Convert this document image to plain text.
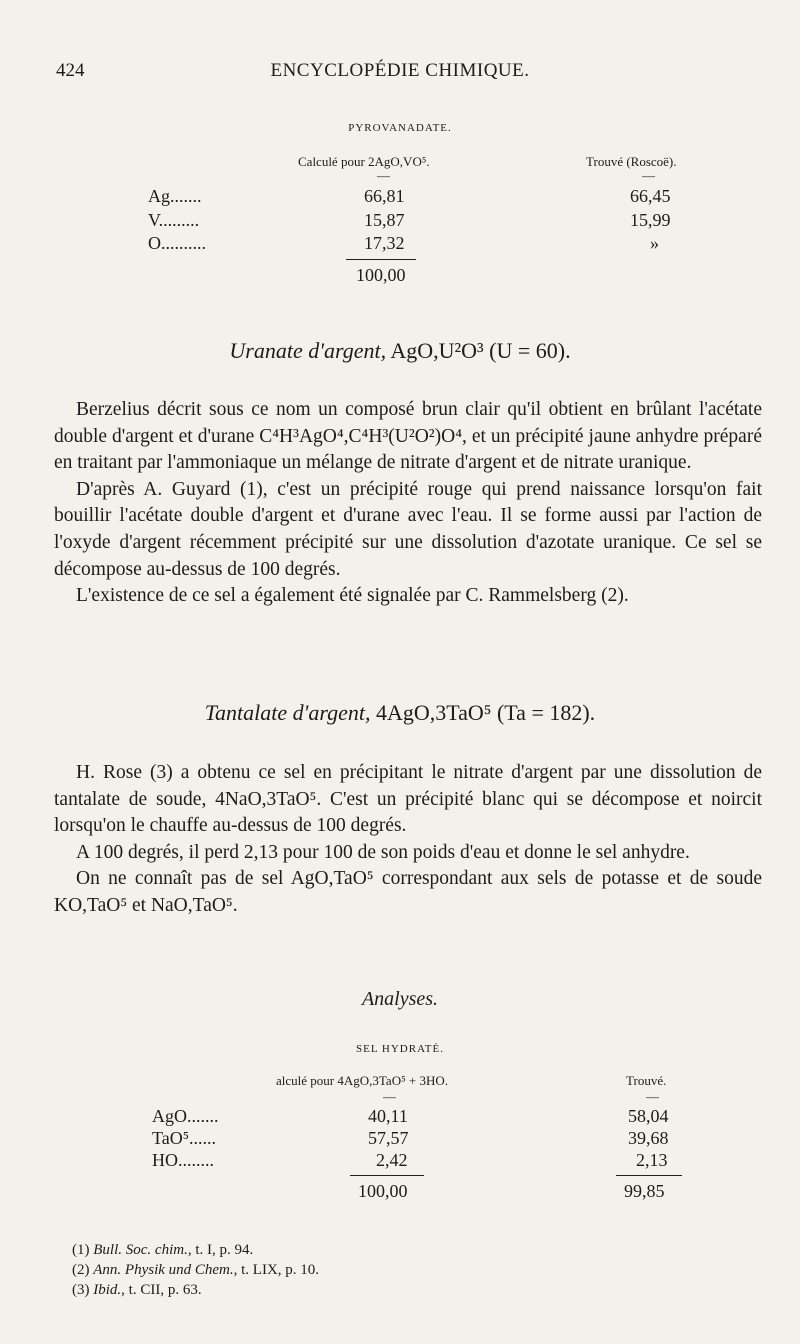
424	ENCYCLOPÉDIE CHIMIQUE.
PYROVANADATE.
Calculé pour 2AgO,VO⁵.	Trouvé (Roscoë).
—	—
Ag.......	66,81	66,45
V.........	15,87	15,99
O..........	17,32	»
100,00
Uranate d'argent, AgO,U²O³ (U = 60).

Berzelius décrit sous ce nom un composé brun clair qu'il obtient en brûlant l'acétate double d'argent et d'urane C⁴H³AgO⁴,C⁴H³(U²O²)O⁴, et un précipité jaune anhydre préparé en traitant par l'ammoniaque un mélange de nitrate d'argent et de nitrate uranique.

D'après A. Guyard (1), c'est un précipité rouge qui prend naissance lorsqu'on fait bouillir l'acétate double d'argent et d'urane avec l'eau. Il se forme aussi par l'action de l'oxyde d'argent récemment précipité sur une dissolution d'azotate uranique. Ce sel se décompose au-dessus de 100 degrés.

L'existence de ce sel a également été signalée par C. Rammelsberg (2).

Tantalate d'argent, 4AgO,3TaO⁵ (Ta = 182).

H. Rose (3) a obtenu ce sel en précipitant le nitrate d'argent par une dissolution de tantalate de soude, 4NaO,3TaO⁵. C'est un précipité blanc qui se décompose et noircit lorsqu'on le chauffe au-dessus de 100 degrés.

A 100 degrés, il perd 2,13 pour 100 de son poids d'eau et donne le sel anhydre.

On ne connaît pas de sel AgO,TaO⁵ correspondant aux sels de potasse et de soude KO,TaO⁵ et NaO,TaO⁵.

Analyses.
SEL HYDRATÉ.
alculé pour 4AgO,3TaO⁵ + 3HO.	Trouvé.
—	—
AgO.......	40,11	58,04
TaO⁵......	57,57	39,68
HO........	2,42	2,13
100,00	99,85
(1) Bull. Soc. chim., t. I, p. 94.
(2) Ann. Physik und Chem., t. LIX, p. 10.
(3) Ibid., t. CII, p. 63.
